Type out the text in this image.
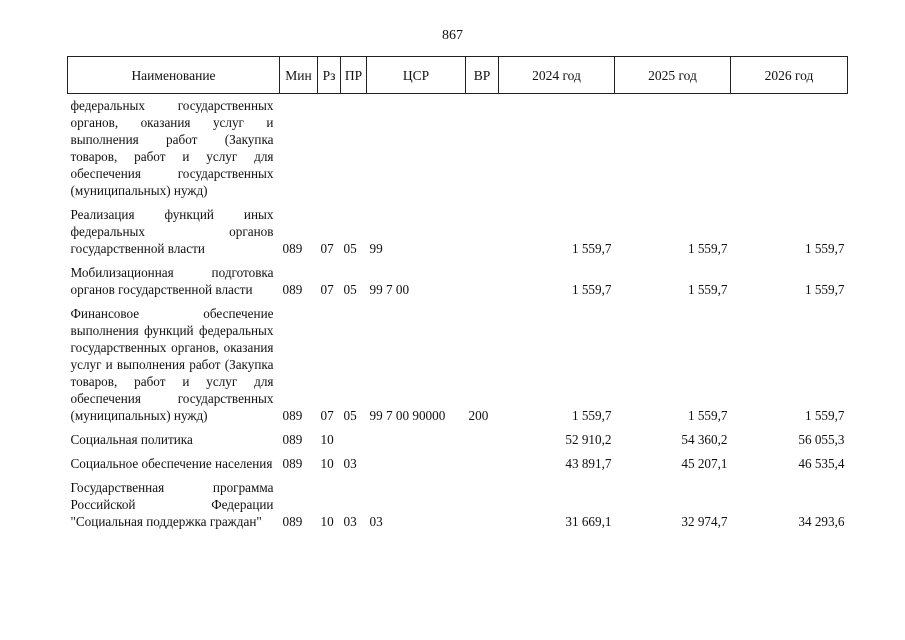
867
Наименование	Мин	Рз	ПР	ЦСР	ВР	2024 год	2025 год	2026 год
федеральных государственных органов, оказания услуг и выполнения работ (Закупка товаров, работ и услуг для обеспечения государственных (муниципальных) нужд)								
Реализация функций иных федеральных органов государственной власти	089	07	05	99		1 559,7	1 559,7	1 559,7
Мобилизационная подготовка органов государственной власти	089	07	05	99 7 00		1 559,7	1 559,7	1 559,7
Финансовое обеспечение выполнения функций федеральных государственных органов, оказания услуг и выполнения работ (Закупка товаров, работ и услуг для обеспечения государственных (муниципальных) нужд)	089	07	05	99 7 00 90000	200	1 559,7	1 559,7	1 559,7
Социальная политика	089	10				52 910,2	54 360,2	56 055,3
Социальное обеспечение населения	089	10	03			43 891,7	45 207,1	46 535,4
Государственная программа Российской Федерации "Социальная поддержка граждан"	089	10	03	03		31 669,1	32 974,7	34 293,6
